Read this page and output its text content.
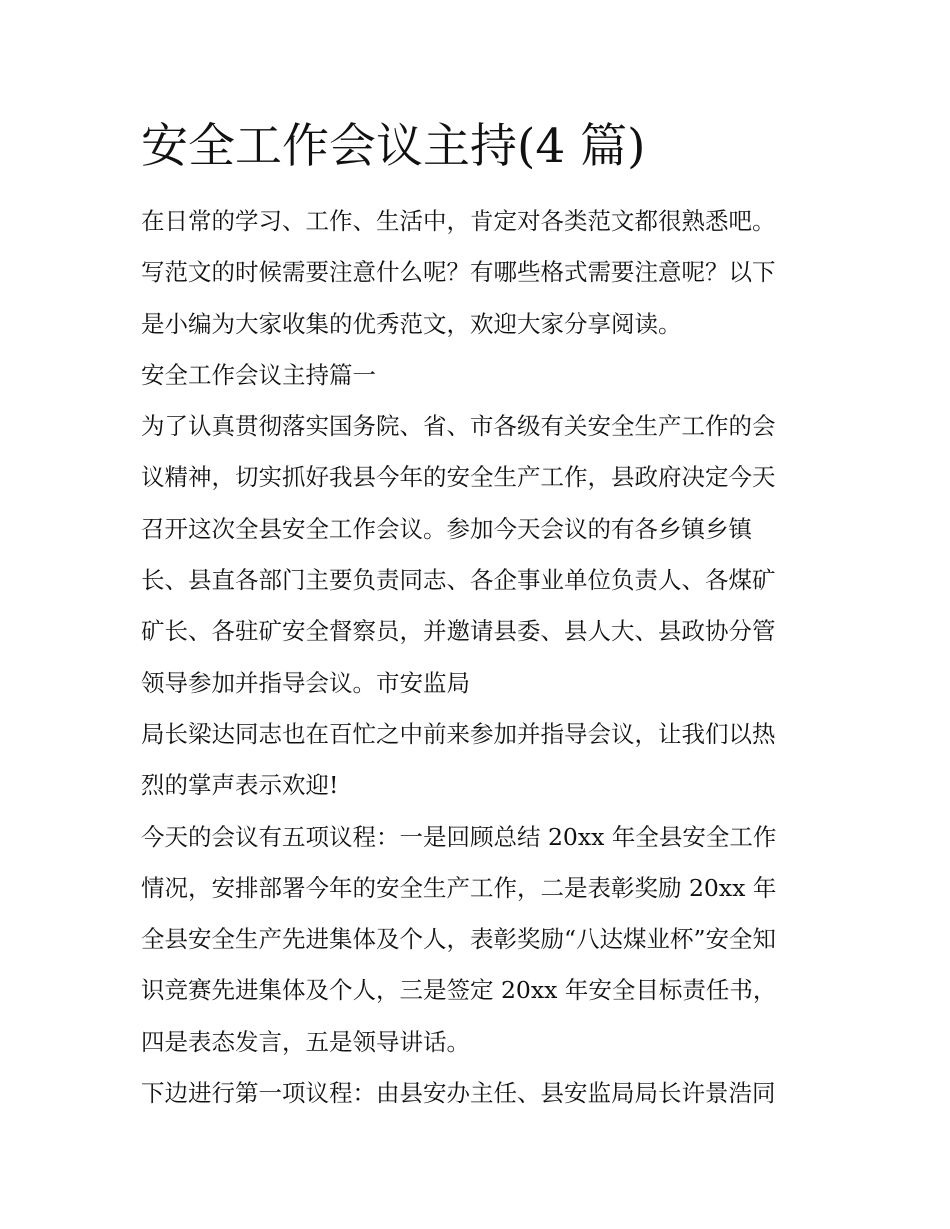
安全工作会议主持(4 篇)

在日常的学习、工作、生活中，肯定对各类范文都很熟悉吧。

写范文的时候需要注意什么呢？有哪些格式需要注意呢？以下

是小编为大家收集的优秀范文，欢迎大家分享阅读。

安全工作会议主持篇一

为了认真贯彻落实国务院、省、市各级有关安全生产工作的会

议精神，切实抓好我县今年的安全生产工作，县政府决定今天

召开这次全县安全工作会议。参加今天会议的有各乡镇乡镇

长、县直各部门主要负责同志、各企事业单位负责人、各煤矿

矿长、各驻矿安全督察员，并邀请县委、县人大、县政协分管

领导参加并指导会议。市安监局

局长梁达同志也在百忙之中前来参加并指导会议，让我们以热

烈的掌声表示欢迎!

今天的会议有五项议程：一是回顾总结 20xx 年全县安全工作

情况，安排部署今年的安全生产工作，二是表彰奖励 20xx 年

全县安全生产先进集体及个人，表彰奖励“八达煤业杯”安全知

识竞赛先进集体及个人，三是签定 20xx 年安全目标责任书，

四是表态发言，五是领导讲话。

下边进行第一项议程：由县安办主任、县安监局局长许景浩同
